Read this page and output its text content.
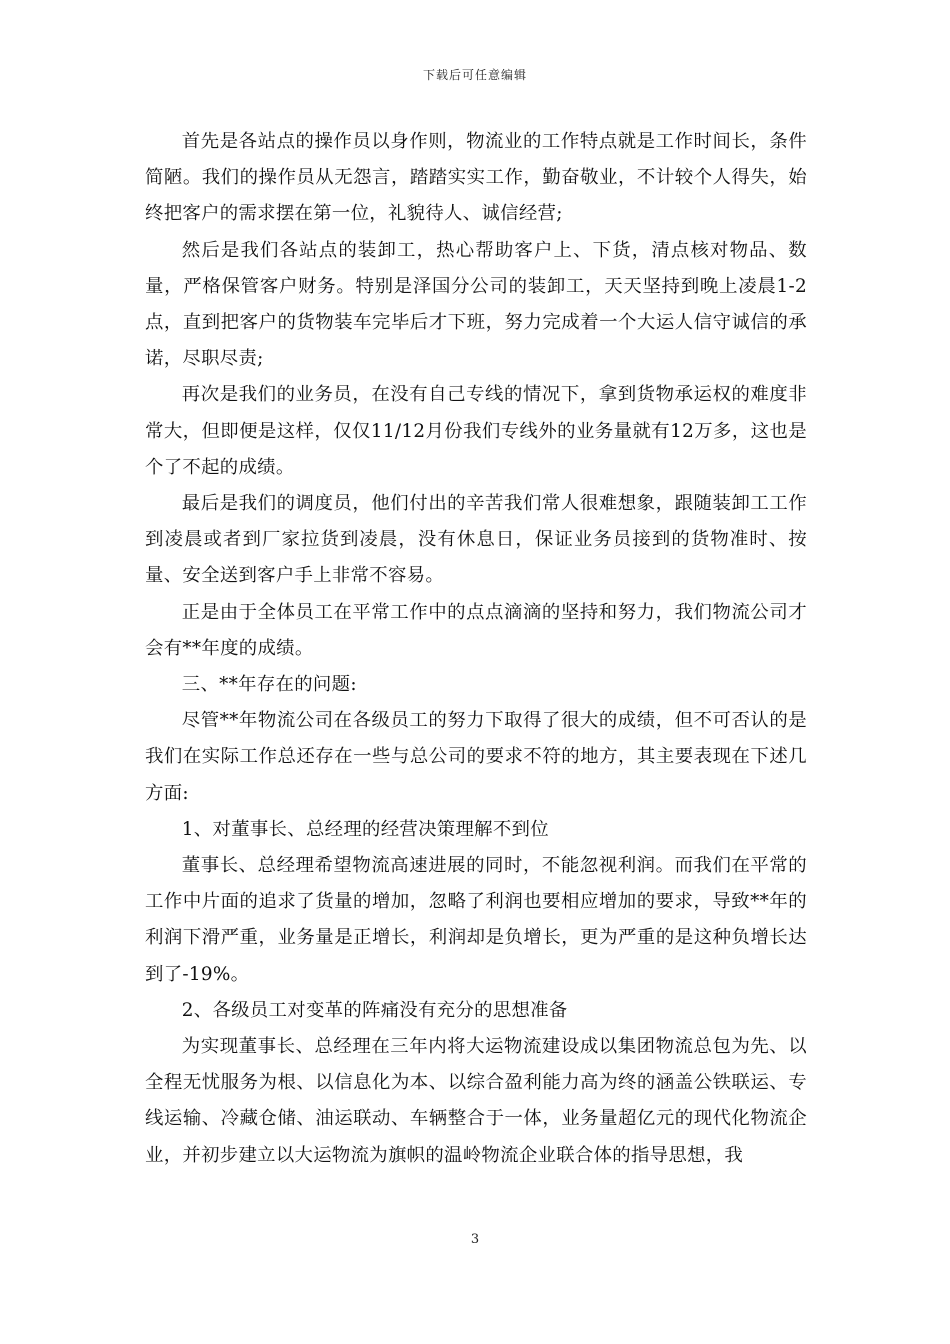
下载后可任意编辑

首先是各站点的操作员以身作则，物流业的工作特点就是工作时间长，条件简陋。我们的操作员从无怨言，踏踏实实工作，勤奋敬业，不计较个人得失，始终把客户的需求摆在第一位，礼貌待人、诚信经营;

然后是我们各站点的装卸工，热心帮助客户上、下货，清点核对物品、数量，严格保管客户财务。特别是泽国分公司的装卸工，天天坚持到晚上凌晨1-2点，直到把客户的货物装车完毕后才下班，努力完成着一个大运人信守诚信的承诺，尽职尽责;

再次是我们的业务员，在没有自己专线的情况下，拿到货物承运权的难度非常大，但即便是这样，仅仅11/12月份我们专线外的业务量就有12万多，这也是个了不起的成绩。

最后是我们的调度员，他们付出的辛苦我们常人很难想象，跟随装卸工工作到凌晨或者到厂家拉货到凌晨，没有休息日，保证业务员接到的货物准时、按量、安全送到客户手上非常不容易。

正是由于全体员工在平常工作中的点点滴滴的坚持和努力，我们物流公司才会有**年度的成绩。

三、**年存在的问题:

尽管**年物流公司在各级员工的努力下取得了很大的成绩，但不可否认的是我们在实际工作总还存在一些与总公司的要求不符的地方，其主要表现在下述几方面:

1、对董事长、总经理的经营决策理解不到位

董事长、总经理希望物流高速进展的同时，不能忽视利润。而我们在平常的工作中片面的追求了货量的增加，忽略了利润也要相应增加的要求，导致**年的利润下滑严重，业务量是正增长，利润却是负增长，更为严重的是这种负增长达到了-19%。

2、各级员工对变革的阵痛没有充分的思想准备

为实现董事长、总经理在三年内将大运物流建设成以集团物流总包为先、以全程无忧服务为根、以信息化为本、以综合盈利能力高为终的涵盖公铁联运、专线运输、冷藏仓储、油运联动、车辆整合于一体，业务量超亿元的现代化物流企业，并初步建立以大运物流为旗帜的温岭物流企业联合体的指导思想，我

3
